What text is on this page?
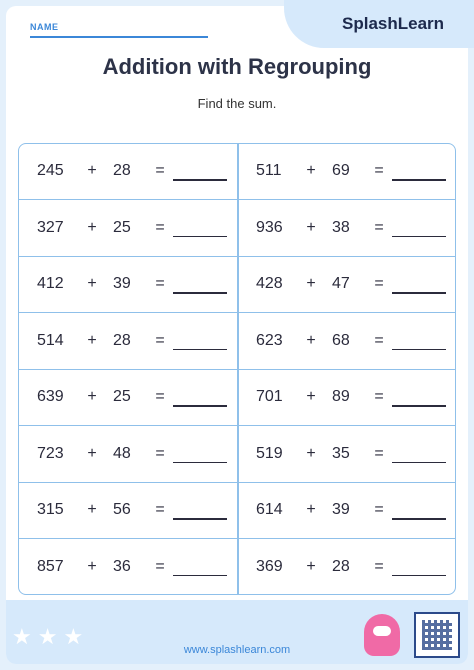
SplashLearn
NAME
Addition with Regrouping
Find the sum.
245	+ 28	=
327	+ 25	=
412	+ 39	=
514	+ 28	=
639	+ 25	=
723	+ 48	=
315	+ 56	=
857	+ 36	=
511	+ 69	=
936	+ 38	=
428	+ 47	=
623	+ 68	=
701	+ 89	=
519	+ 35	=
614	+ 39	=
369	+ 28	=
★★★
www.splashlearn.com
